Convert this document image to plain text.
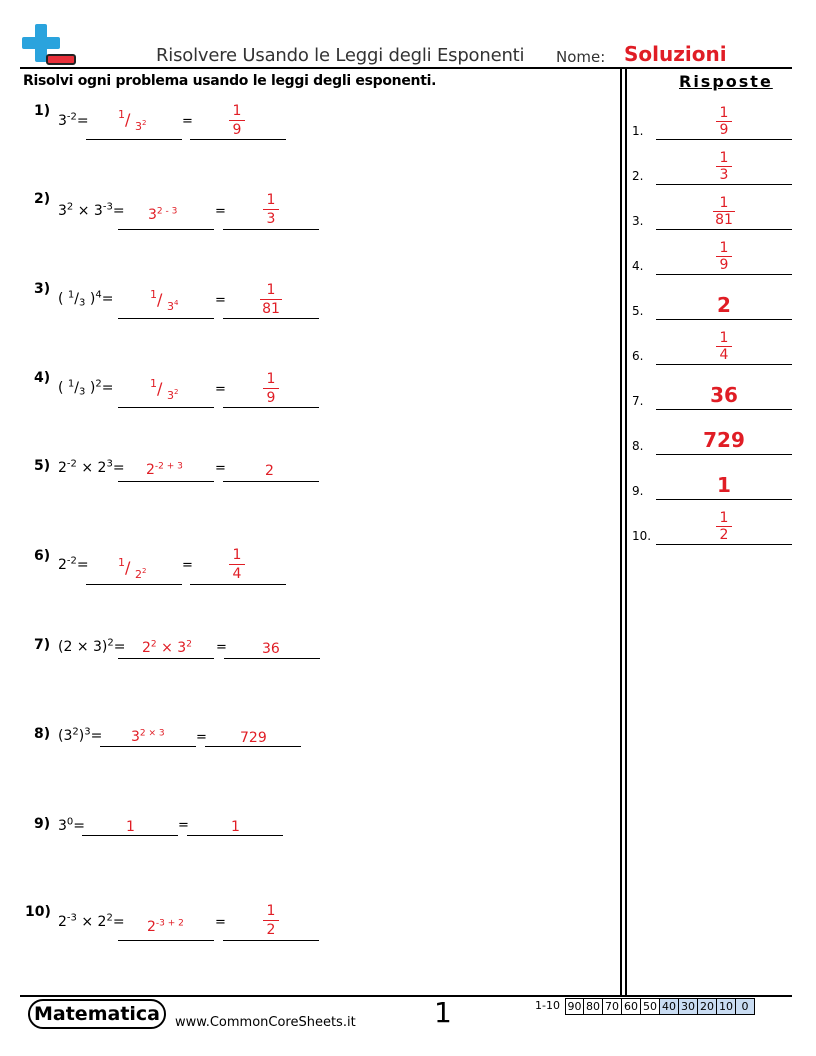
Risolvere Usando le Leggi degli Esponenti Nome: Soluzioni
Risolvi ogni problema usando le leggi degli esponenti.
1)
$3^{-2}=$	$1 / 3^2$	=
1
9
2)
$3^2 \times 3^{-3}= 3^{2 - 3}$	=
1
3
3)
( $^1/_3$ )$^4$=	$1 / 3^4$	=
1
81
4)
( $^1/_3$ )$^2$=	$1 / 3^2$	=
1
9
5) $2^{-2} \times 2^3= 2^{-2 + 3}$ =	2
6)
$2^{-2}=$	$1 / 2^2$	=
1
4
7) $(2 \times 3)^2= 2^2 \times 3^2$ =	36
8) $(3^2)^3= 3^{2 \times 3} = 729$
9) $3^0=$	1	=	1
10)
$2^{-3} \times 2^2= 2^{-3 + 2}$ =
1
2
Risposte
1.
1
9
2.
1
3
3.
1
81
4.
1
9
5.	2
6.
1
4
7.	36
8.	729
9.	1
10.
1
2
Matematica	www.CommonCoreSheets.it	1	1-10 90 80 70 60 50 40 30 20 10 0
